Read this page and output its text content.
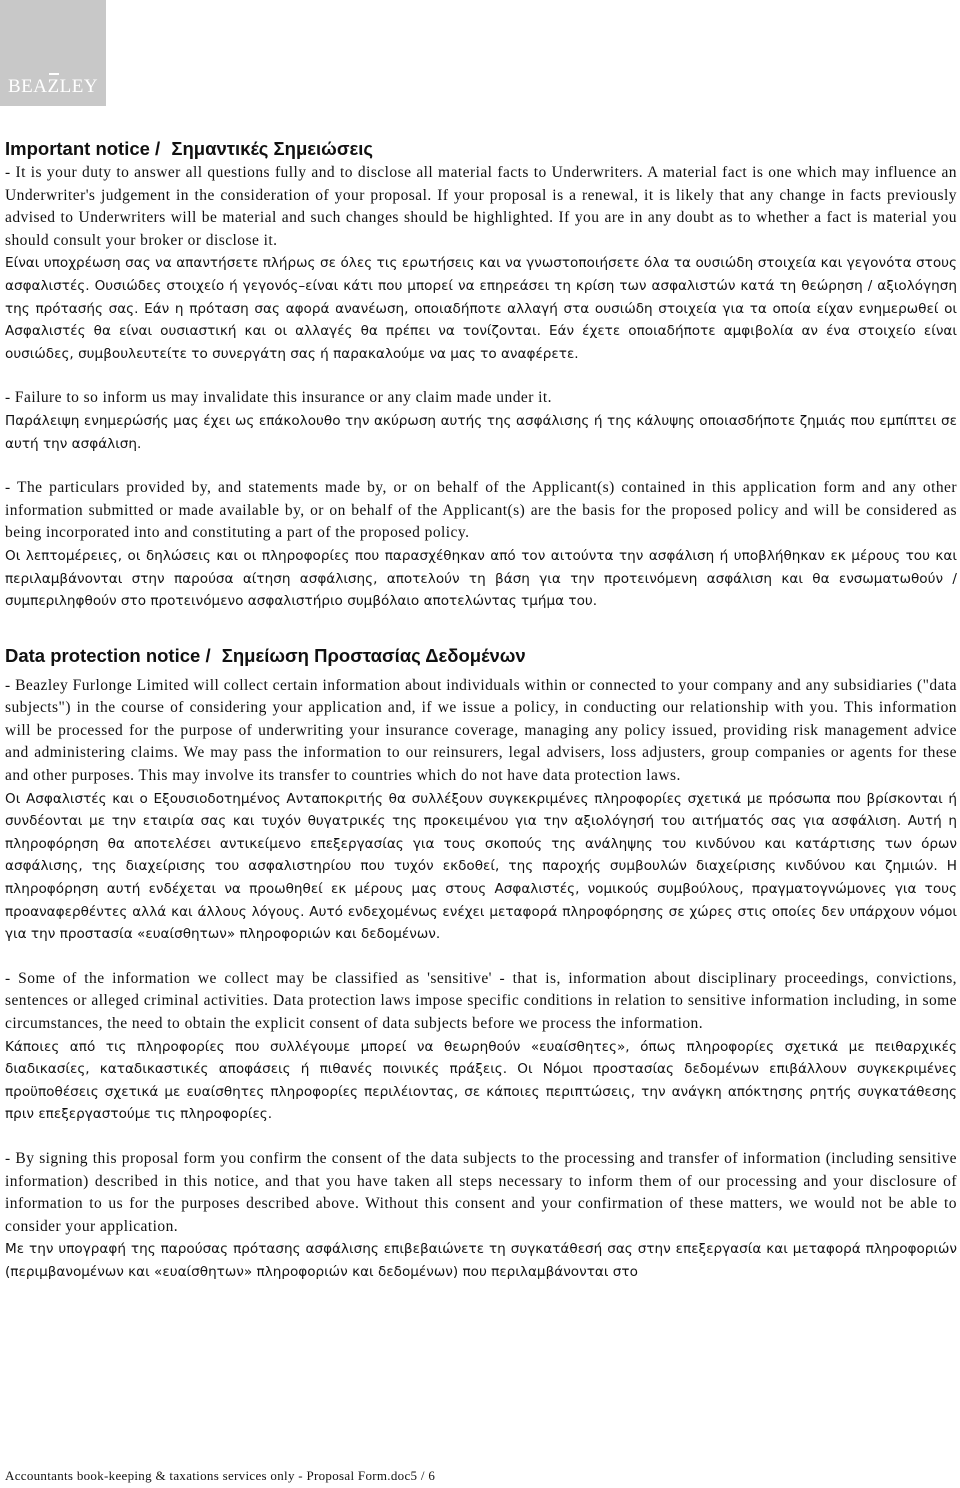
BEAZLEY
Important notice / Σημαντικές Σημειώσεις

- It is your duty to answer all questions fully and to disclose all material facts to Underwriters. A material fact is one which may influence an Underwriter's judgement in the consideration of your proposal. If your proposal is a renewal, it is likely that any change in facts previously advised to Underwriters will be material and such changes should be highlighted. If you are in any doubt as to whether a fact is material you should consult your broker or disclose it.

Είναι υποχρέωση σας να απαντήσετε πλήρως σε όλες τις ερωτήσεις και να γνωστοποιήσετε όλα τα ουσιώδη στοιχεία και γεγονότα στους ασφαλιστές. Ουσιώδες στοιχείο ή γεγονός–είναι κάτι που μπορεί να επηρεάσει τη κρίση των ασφαλιστών κατά τη θεώρηση / αξιολόγηση της πρότασής σας. Εάν η πρόταση σας αφορά ανανέωση, οποιαδήποτε αλλαγή στα ουσιώδη στοιχεία για τα οποία είχαν ενημερωθεί οι Ασφαλιστές θα είναι ουσιαστική και οι αλλαγές θα πρέπει να τονίζονται. Εάν έχετε οποιαδήποτε αμφιβολία αν ένα στοιχείο είναι ουσιώδες, συμβουλευτείτε το συνεργάτη σας ή παρακαλούμε να μας το αναφέρετε.

- Failure to so inform us may invalidate this insurance or any claim made under it.

Παράλειψη ενημερώσής μας έχει ως επάκολουθο την ακύρωση αυτής της ασφάλισης ή της κάλυψης οποιασδήποτε ζημιάς που εμπίπτει σε αυτή την ασφάλιση.

- The particulars provided by, and statements made by, or on behalf of the Applicant(s) contained in this application form and any other information submitted or made available by, or on behalf of the Applicant(s) are the basis for the proposed policy and will be considered as being incorporated into and constituting a part of the proposed policy.

Οι λεπτομέρειες, οι δηλώσεις και οι πληροφορίες που παρασχέθηκαν από τον αιτούντα την ασφάλιση ή υποβλήθηκαν εκ μέρους του και περιλαμβάνονται στην παρούσα αίτηση ασφάλισης, αποτελούν τη βάση για την προτεινόμενη ασφάλιση και θα ενσωματωθούν / συμπεριληφθούν στο προτεινόμενο ασφαλιστήριο συμβόλαιο αποτελώντας τμήμα του.

Data protection notice / Σημείωση Προστασίας Δεδομένων

- Beazley Furlonge Limited will collect certain information about individuals within or connected to your company and any subsidiaries ("data subjects") in the course of considering your application and, if we issue a policy, in conducting our relationship with you. This information will be processed for the purpose of underwriting your insurance coverage, managing any policy issued, providing risk management advice and administering claims. We may pass the information to our reinsurers, legal advisers, loss adjusters, group companies or agents for these and other purposes. This may involve its transfer to countries which do not have data protection laws.

Οι Ασφαλιστές και ο Εξουσιοδοτημένος Ανταποκριτής θα συλλέξουν συγκεκριμένες πληροφορίες σχετικά με πρόσωπα που βρίσκονται ή συνδέονται με την εταιρία σας και τυχόν θυγατρικές της προκειμένου για την αξιολόγησή του αιτήματός σας για ασφάλιση. Αυτή η πληροφόρηση θα αποτελέσει αντικείμενο επεξεργασίας για τους σκοπούς της ανάληψης του κινδύνου και κατάρτισης των όρων ασφάλισης, της διαχείρισης του ασφαλιστηρίου που τυχόν εκδοθεί, της παροχής συμβουλών διαχείρισης κινδύνου και ζημιών. Η πληροφόρηση αυτή ενδέχεται να προωθηθεί εκ μέρους μας στους Ασφαλιστές, νομικούς συμβούλους, πραγματογνώμονες για τους προαναφερθέντες αλλά και άλλους λόγους. Αυτό ενδεχομένως ενέχει μεταφορά πληροφόρησης σε χώρες στις οποίες δεν υπάρχουν νόμοι για την προστασία «ευαίσθητων» πληροφοριών και δεδομένων.

- Some of the information we collect may be classified as 'sensitive' - that is, information about disciplinary proceedings, convictions, sentences or alleged criminal activities. Data protection laws impose specific conditions in relation to sensitive information including, in some circumstances, the need to obtain the explicit consent of data subjects before we process the information.

Κάποιες από τις πληροφορίες που συλλέγουμε μπορεί να θεωρηθούν «ευαίσθητες», όπως πληροφορίες σχετικά με πειθαρχικές διαδικασίες, καταδικαστικές αποφάσεις ή πιθανές ποινικές πράξεις. Οι Νόμοι προστασίας δεδομένων επιβάλλουν συγκεκριμένες προϋποθέσεις σχετικά με ευαίσθητες πληροφορίες περιλέιοντας, σε κάποιες περιπτώσεις, την ανάγκη απόκτησης ρητής συγκατάθεσης πριν επεξεργαστούμε τις πληροφορίες.

- By signing this proposal form you confirm the consent of the data subjects to the processing and transfer of information (including sensitive information) described in this notice, and that you have taken all steps necessary to inform them of our processing and your disclosure of information to us for the purposes described above. Without this consent and your confirmation of these matters, we would not be able to consider your application.

Με την υπογραφή της παρούσας πρότασης ασφάλισης επιβεβαιώνετε τη συγκατάθεσή σας στην επεξεργασία και μεταφορά πληροφοριών (περιμβανομένων και «ευαίσθητων» πληροφοριών και δεδομένων) που περιλαμβάνονται στο

Accountants book-keeping & taxations services only - Proposal Form.doc5 / 6
